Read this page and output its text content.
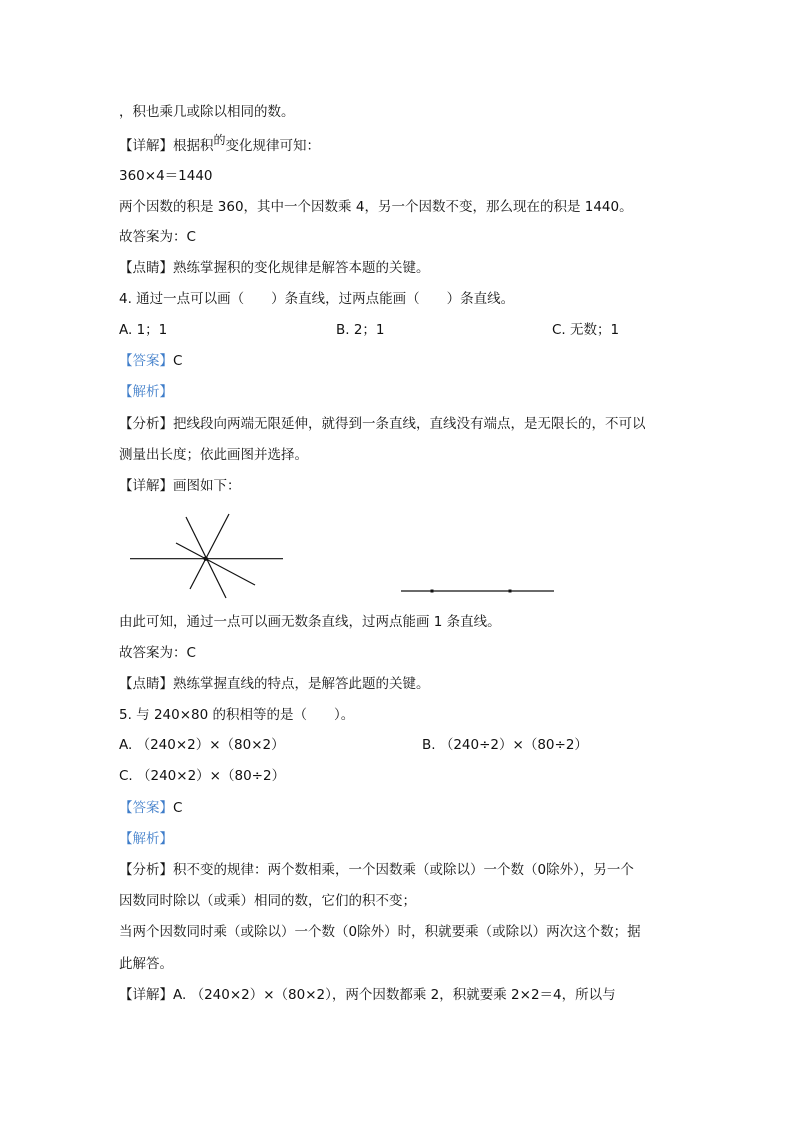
，积也乘几或除以相同的数。
【详解】根据积的变化规律可知：
360×4＝1440
两个因数的积是 360，其中一个因数乘 4，另一个因数不变，那么现在的积是 1440。
故答案为：C
【点睛】熟练掌握积的变化规律是解答本题的关键。
4. 通过一点可以画（　　）条直线，过两点能画（　　）条直线。
A. 1；1	B. 2；1	C. 无数；1
【答案】C
【解析】
【分析】把线段向两端无限延伸，就得到一条直线，直线没有端点，是无限长的，不可以
测量出长度；依此画图并选择。
【详解】画图如下：
由此可知，通过一点可以画无数条直线，过两点能画 1 条直线。
故答案为：C
【点睛】熟练掌握直线的特点，是解答此题的关键。
5. 与 240×80 的积相等的是（　　）。
A. （240×2）×（80×2）	B. （240÷2）×（80÷2）
C. （240×2）×（80÷2）
【答案】C
【解析】
【分析】积不变的规律：两个数相乘，一个因数乘（或除以）一个数（0除外），另一个
因数同时除以（或乘）相同的数，它们的积不变；
当两个因数同时乘（或除以）一个数（0除外）时，积就要乘（或除以）两次这个数；据
此解答。
【详解】A. （240×2）×（80×2），两个因数都乘 2，积就要乘 2×2＝4，所以与
